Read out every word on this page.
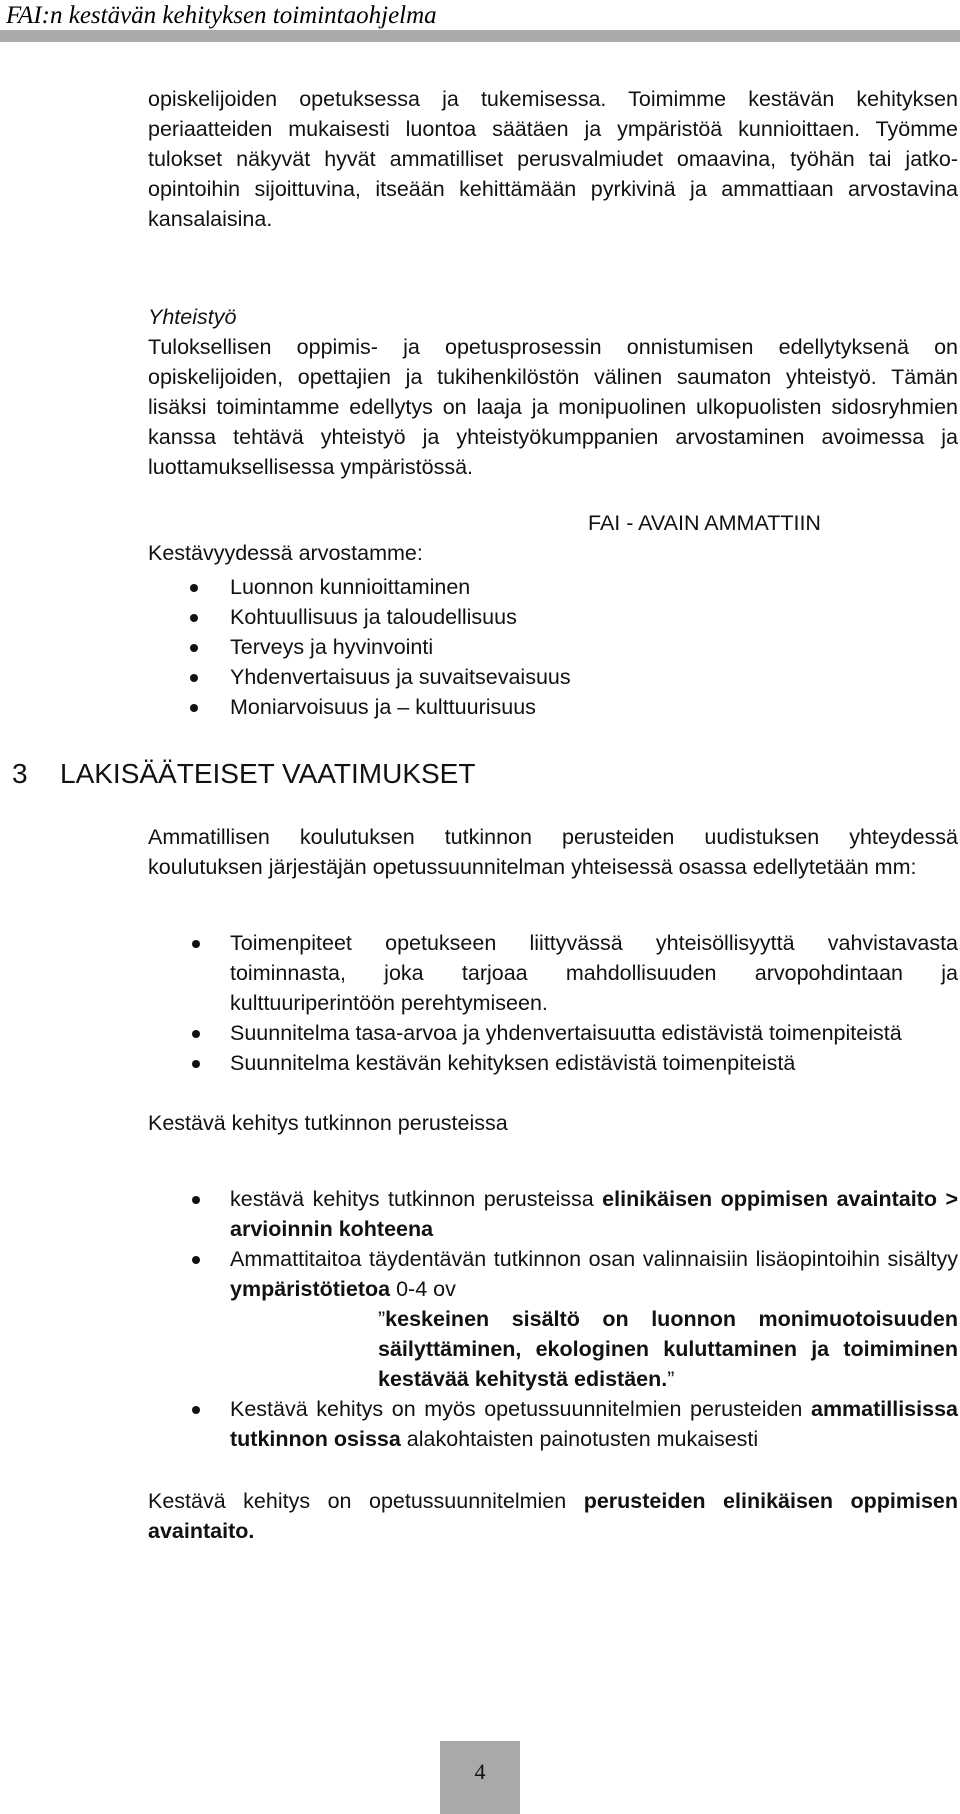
FAI:n kestävän kehityksen toimintaohjelma

opiskelijoiden opetuksessa ja tukemisessa. Toimimme kestävän kehityksen periaatteiden mukaisesti luontoa säätäen ja ympäristöä kunnioittaen. Työmme tulokset näkyvät hyvät ammatilliset perusvalmiudet omaavina, työhän tai jatko-opintoihin sijoittuvina, itseään kehittämään pyrkivinä ja ammattiaan arvostavina kansalaisina.

Yhteistyö

Tuloksellisen oppimis- ja opetusprosessin onnistumisen edellytyksenä on opiskelijoiden, opettajien ja tukihenkilöstön välinen saumaton yhteistyö. Tämän lisäksi toimintamme edellytys on laaja ja monipuolinen ulkopuolisten sidosryhmien kanssa tehtävä yhteistyö ja yhteistyökumppanien arvostaminen avoimessa ja luottamuksellisessa ympäristössä.

FAI - AVAIN AMMATTIIN

Kestävyydessä arvostamme:

Luonnon kunnioittaminen
Kohtuullisuus ja taloudellisuus
Terveys ja hyvinvointi
Yhdenvertaisuus ja suvaitsevaisuus
Moniarvoisuus ja – kulttuurisuus
3 LAKISÄÄTEISET VAATIMUKSET

Ammatillisen koulutuksen tutkinnon perusteiden uudistuksen yhteydessä koulutuksen järjestäjän opetussuunnitelman yhteisessä osassa edellytetään mm:

Toimenpiteet opetukseen liittyvässä yhteisöllisyyttä vahvistavasta toiminnasta, joka tarjoaa mahdollisuuden arvopohdintaan ja kulttuuriperintöön perehtymiseen.
Suunnitelma tasa-arvoa ja yhdenvertaisuutta edistävistä toimenpiteistä
Suunnitelma kestävän kehityksen edistävistä toimenpiteistä

Kestävä kehitys tutkinnon perusteissa

kestävä kehitys tutkinnon perusteissa elinikäisen oppimisen avaintaito > arvioinnin kohteena
Ammattitaitoa täydentävän tutkinnon osan valinnaisiin lisäopintoihin sisältyy ympäristötietoa 0-4 ov
”keskeinen sisältö on luonnon monimuotoisuuden säilyttäminen, ekologinen kuluttaminen ja toimiminen kestävää kehitystä edistäen.”
Kestävä kehitys on myös opetussuunnitelmien perusteiden ammatillisissa tutkinnon osissa alakohtaisten painotusten mukaisesti

Kestävä kehitys on opetussuunnitelmien perusteiden elinikäisen oppimisen avaintaito.

4
